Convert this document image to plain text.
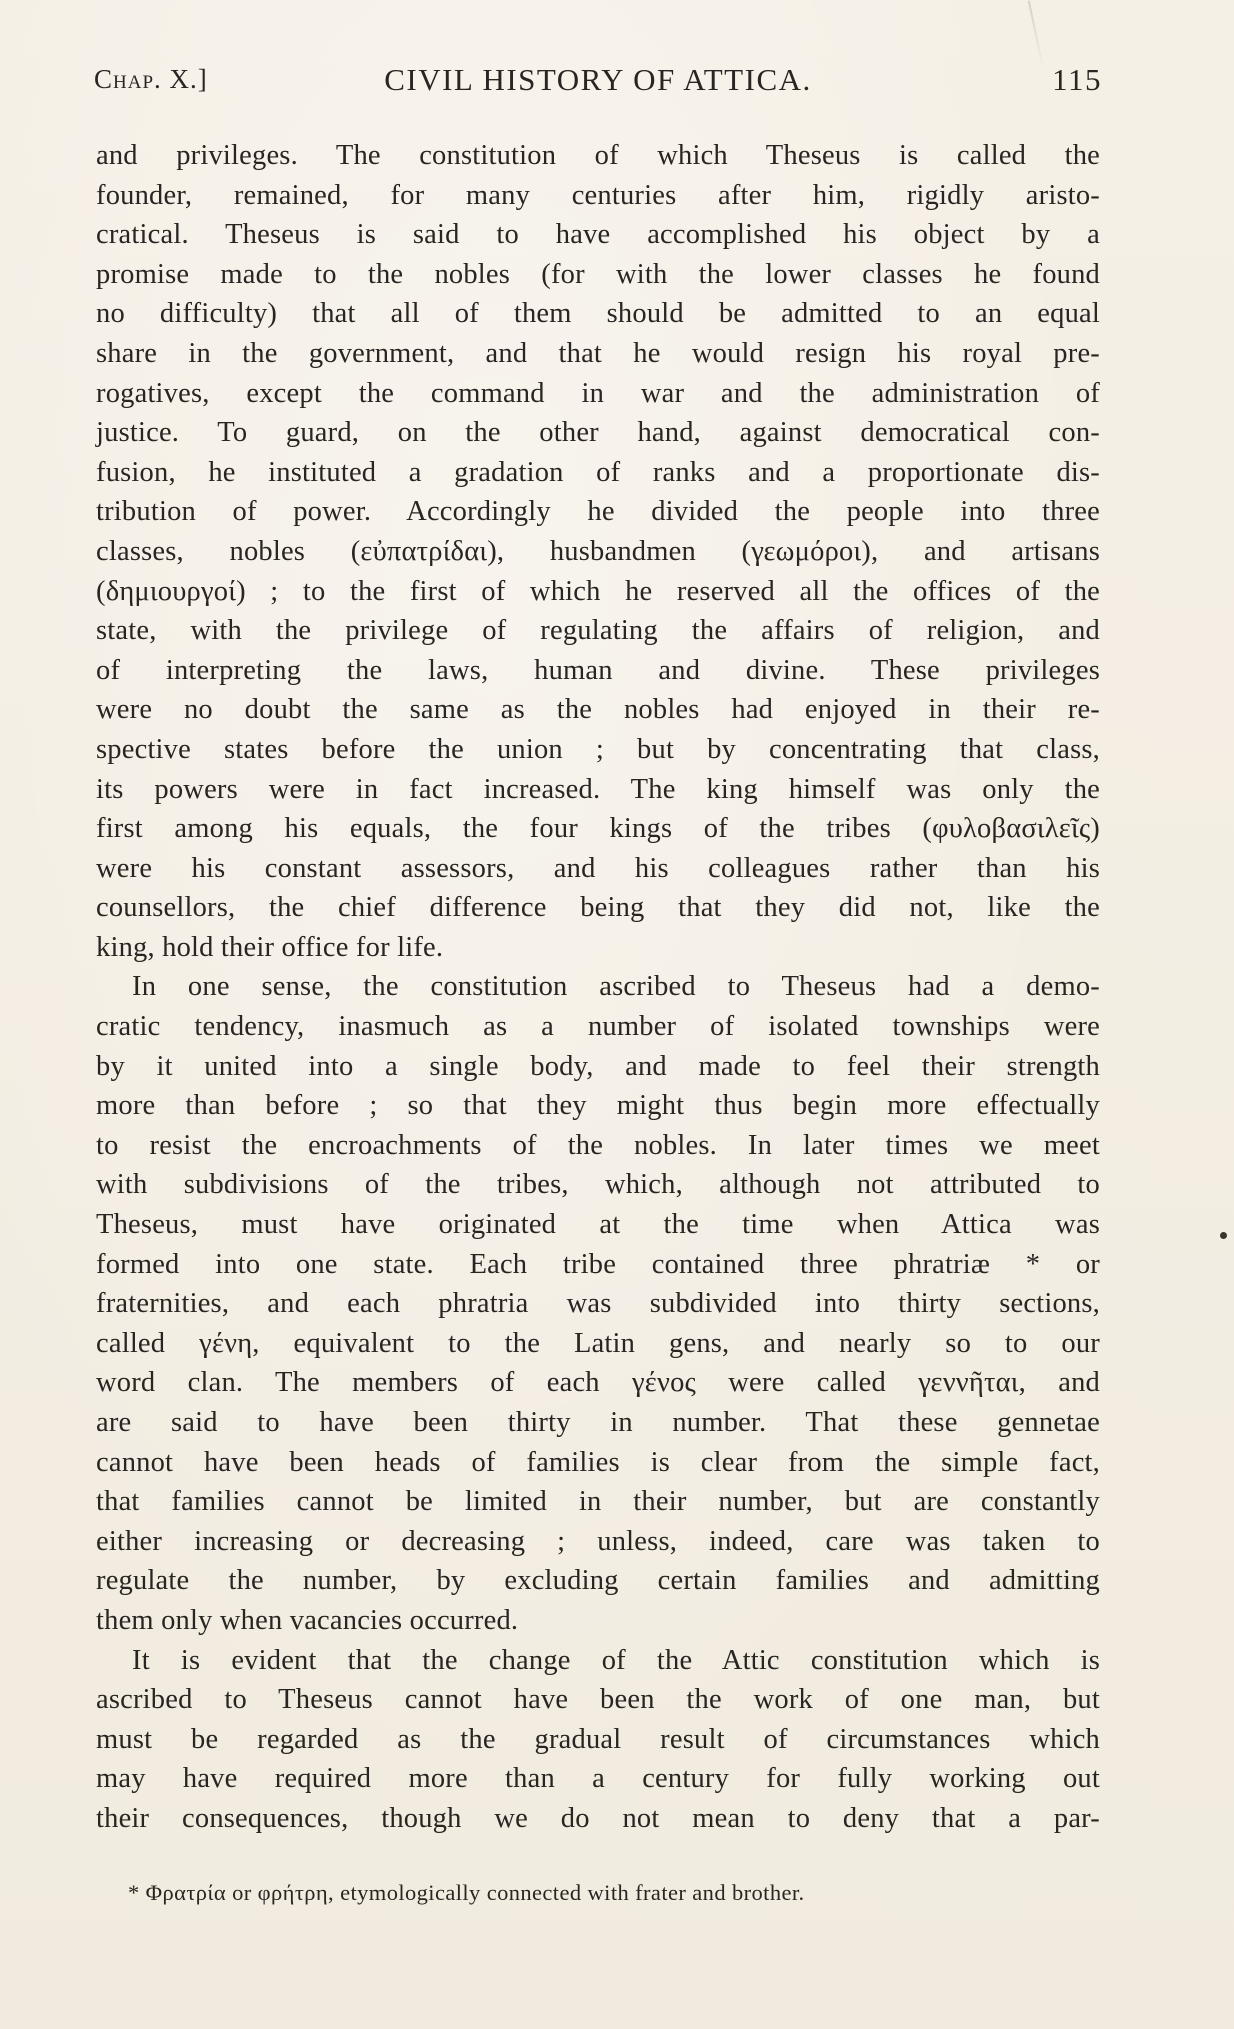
Chap. X.]	CIVIL HISTORY OF ATTICA.	115
and privileges. The constitution of which Theseus is called the
founder, remained, for many centuries after him, rigidly aristo-
cratical. Theseus is said to have accomplished his object by a
promise made to the nobles (for with the lower classes he found
no difficulty) that all of them should be admitted to an equal
share in the government, and that he would resign his royal pre-
rogatives, except the command in war and the administration of
justice. To guard, on the other hand, against democratical con-
fusion, he instituted a gradation of ranks and a proportionate dis-
tribution of power. Accordingly he divided the people into three
classes, nobles (εὐπατρίδαι), husbandmen (γεωμόροι), and artisans
(δημιουργοί) ; to the first of which he reserved all the offices of the
state, with the privilege of regulating the affairs of religion, and
of interpreting the laws, human and divine. These privileges
were no doubt the same as the nobles had enjoyed in their re-
spective states before the union ; but by concentrating that class,
its powers were in fact increased. The king himself was only the
first among his equals, the four kings of the tribes (φυλοβασιλεῖς)
were his constant assessors, and his colleagues rather than his
counsellors, the chief difference being that they did not, like the
king, hold their office for life.
In one sense, the constitution ascribed to Theseus had a demo-
cratic tendency, inasmuch as a number of isolated townships were
by it united into a single body, and made to feel their strength
more than before ; so that they might thus begin more effectually
to resist the encroachments of the nobles. In later times we meet
with subdivisions of the tribes, which, although not attributed to
Theseus, must have originated at the time when Attica was
formed into one state. Each tribe contained three phratriæ * or
fraternities, and each phratria was subdivided into thirty sections,
called γένη, equivalent to the Latin gens, and nearly so to our
word clan. The members of each γένος were called γεννῆται, and
are said to have been thirty in number. That these gennetae
cannot have been heads of families is clear from the simple fact,
that families cannot be limited in their number, but are constantly
either increasing or decreasing ; unless, indeed, care was taken to
regulate the number, by excluding certain families and admitting
them only when vacancies occurred.
It is evident that the change of the Attic constitution which is
ascribed to Theseus cannot have been the work of one man, but
must be regarded as the gradual result of circumstances which
may have required more than a century for fully working out
their consequences, though we do not mean to deny that a par-
* Φρατρία or φρήτρη, etymologically connected with frater and brother.
